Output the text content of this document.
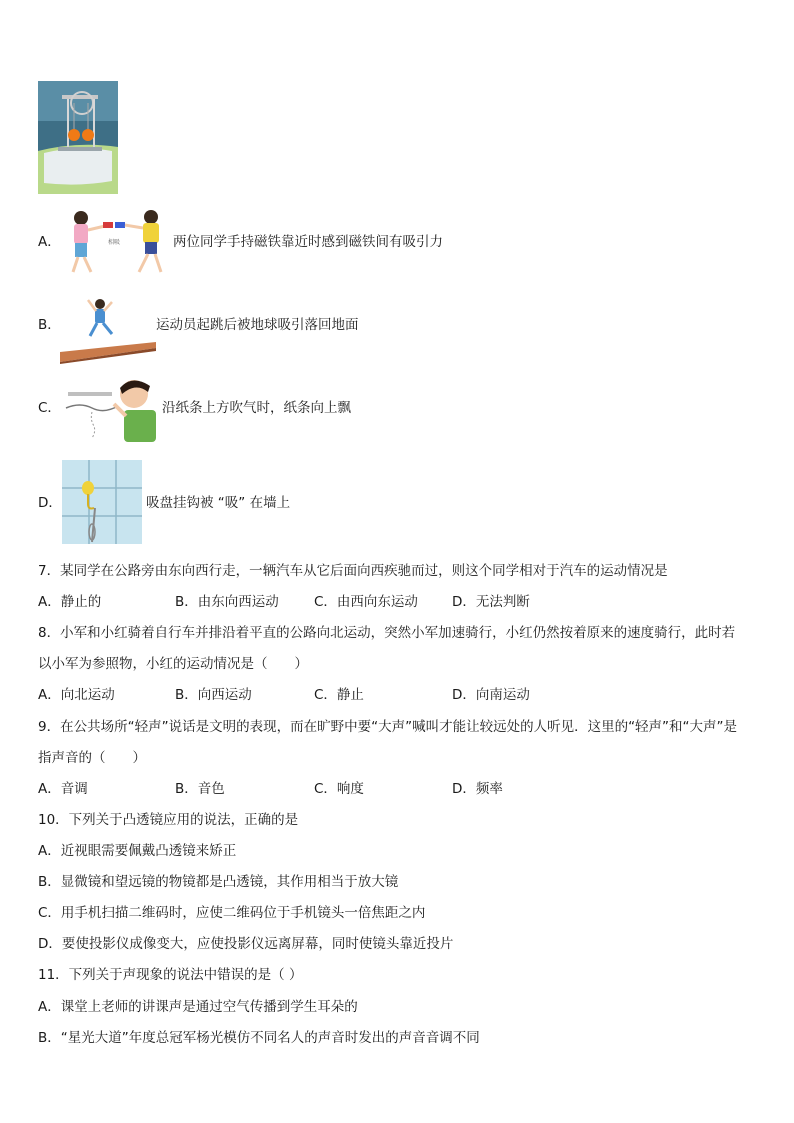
A．	相吸	两位同学手持磁铁靠近时感到磁铁间有吸引力
B．	运动员起跳后被地球吸引落回地面
C．	沿纸条上方吹气时，纸条向上飘
D．	吸盘挂钩被 “吸” 在墙上
7．某同学在公路旁由东向西行走，一辆汽车从它后面向西疾驰而过，则这个同学相对于汽车的运动情况是
A．静止的	B．由东向西运动	C．由西向东运动	D．无法判断
8．小军和小红骑着自行车并排沿着平直的公路向北运动，突然小军加速骑行，小红仍然按着原来的速度骑行，此时若
以小军为参照物，小红的运动情况是（　　）
A．向北运动	B．向西运动	C．静止	D．向南运动
9．在公共场所“轻声”说话是文明的表现，而在旷野中要“大声”喊叫才能让较远处的人听见．这里的“轻声”和“大声”是
指声音的（　　）
A．音调	B．音色	C．响度	D．频率
10．下列关于凸透镜应用的说法，正确的是
A．近视眼需要佩戴凸透镜来矫正
B．显微镜和望远镜的物镜都是凸透镜，其作用相当于放大镜
C．用手机扫描二维码时，应使二维码位于手机镜头一倍焦距之内
D．要使投影仪成像变大，应使投影仪远离屏幕，同时使镜头靠近投片
11．下列关于声现象的说法中错误的是（ ）
A．课堂上老师的讲课声是通过空气传播到学生耳朵的
B．“星光大道”年度总冠军杨光模仿不同名人的声音时发出的声音音调不同
